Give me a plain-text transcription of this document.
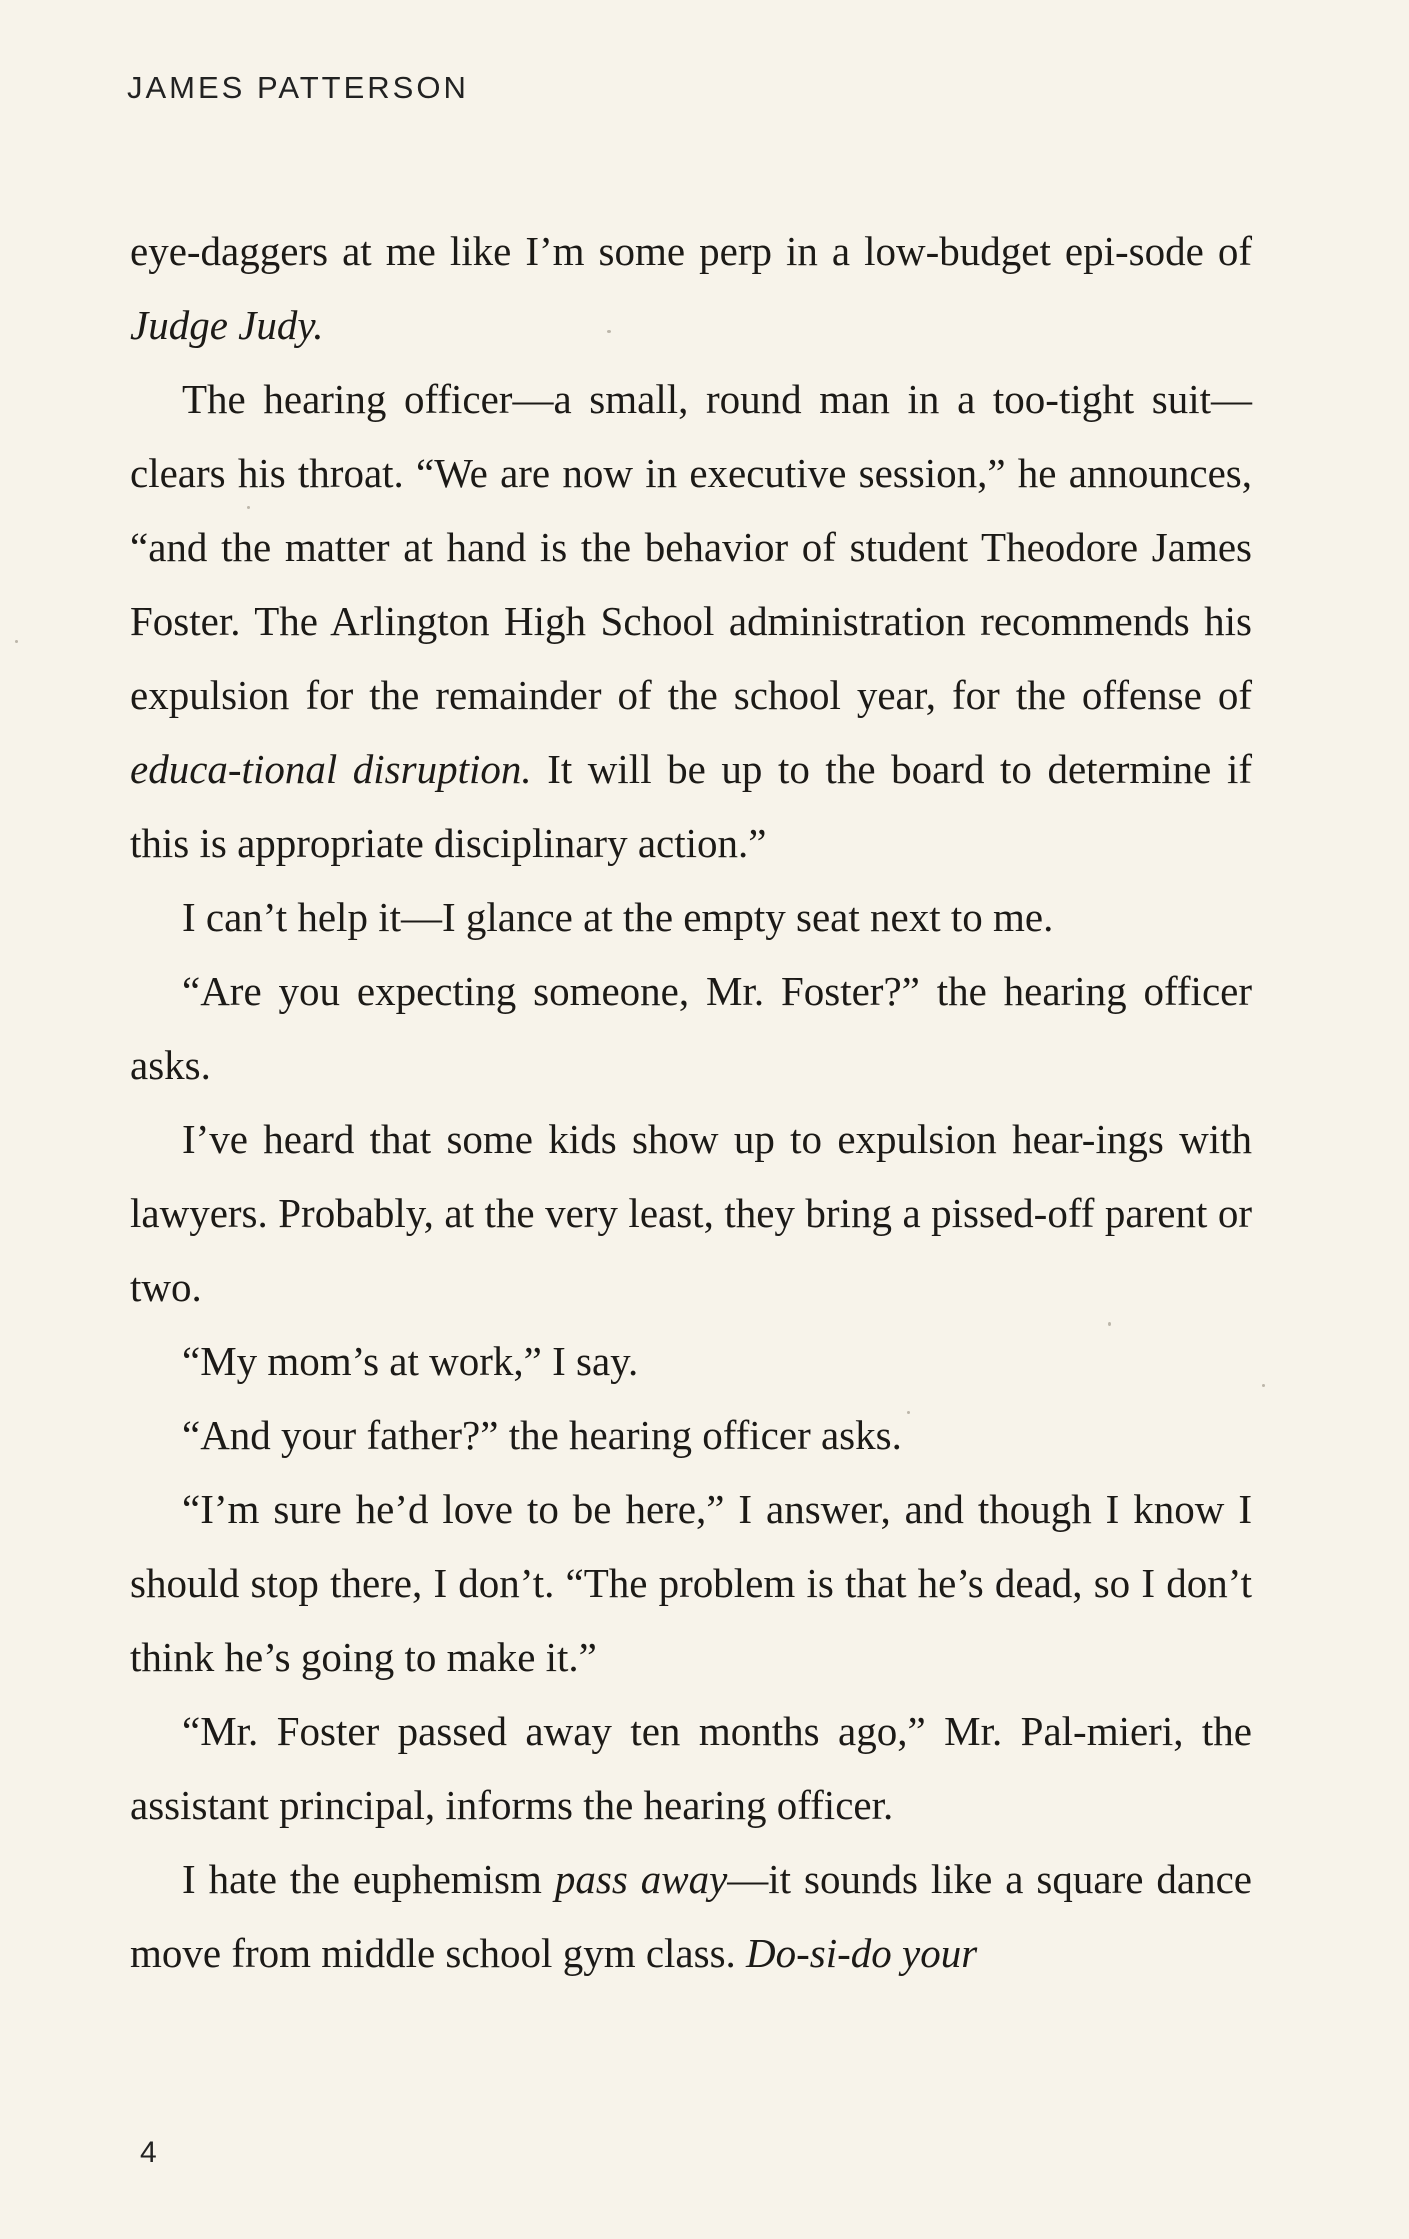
JAMES PATTERSON

eye-daggers at me like I’m some perp in a low-budget epi-sode of Judge Judy.

The hearing officer—a small, round man in a too-tight suit—clears his throat. “We are now in executive session,” he announces, “and the matter at hand is the behavior of student Theodore James Foster. The Arlington High School administration recommends his expulsion for the remainder of the school year, for the offense of educa-tional disruption. It will be up to the board to determine if this is appropriate disciplinary action.”

I can’t help it—I glance at the empty seat next to me.

“Are you expecting someone, Mr. Foster?” the hearing officer asks.

I’ve heard that some kids show up to expulsion hear-ings with lawyers. Probably, at the very least, they bring a pissed-off parent or two.

“My mom’s at work,” I say.

“And your father?” the hearing officer asks.

“I’m sure he’d love to be here,” I answer, and though I know I should stop there, I don’t. “The problem is that he’s dead, so I don’t think he’s going to make it.”

“Mr. Foster passed away ten months ago,” Mr. Pal-mieri, the assistant principal, informs the hearing officer.

I hate the euphemism pass away—it sounds like a square dance move from middle school gym class. Do-si-do your

4
